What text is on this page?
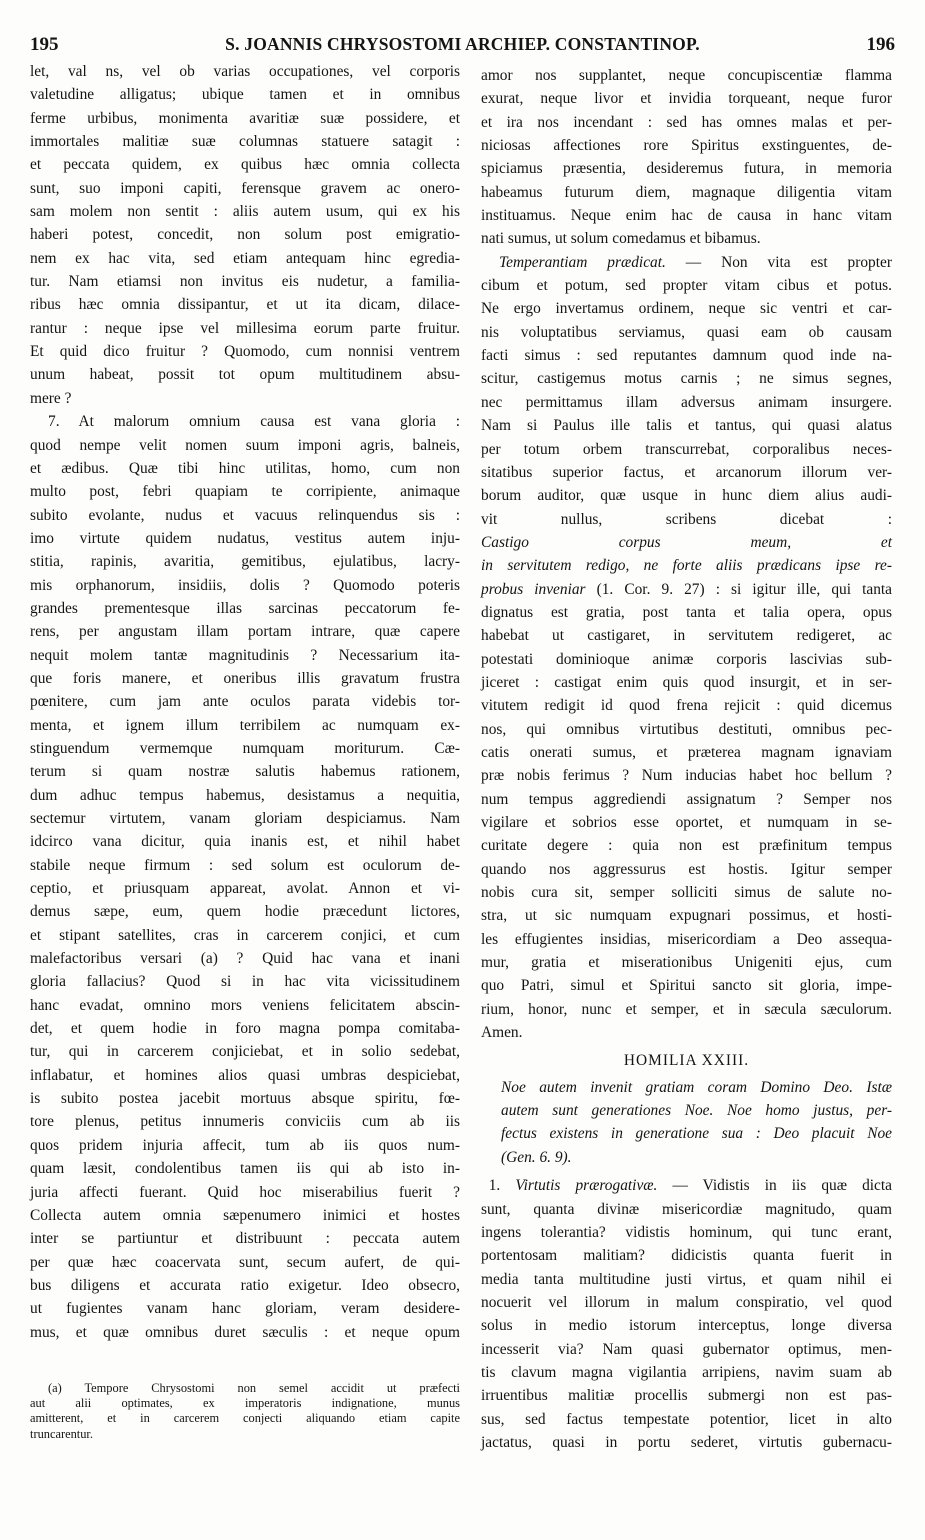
195	S. JOANNIS CHRYSOSTOMI ARCHIEP. CONSTANTINOP.	196

let, val ns, vel ob varias occupationes, vel corporis

valetudine alligatus; ubique tamen et in omnibus

ferme urbibus, monimenta avaritiæ suæ possidere, et

immortales malitiæ suæ columnas statuere satagit :

et peccata quidem, ex quibus hæc omnia collecta

sunt, suo imponi capiti, ferensque gravem ac onero-

sam molem non sentit : aliis autem usum, qui ex his

haberi potest, concedit, non solum post emigratio-

nem ex hac vita, sed etiam antequam hinc egredia-

tur. Nam etiamsi non invitus eis nudetur, a familia-

ribus hæc omnia dissipantur, et ut ita dicam, dilace-

rantur : neque ipse vel millesima eorum parte fruitur.

Et quid dico fruitur ? Quomodo, cum nonnisi ventrem

unum habeat, possit tot opum multitudinem absu-

mere ?

7. At malorum omnium causa est vana gloria :

quod nempe velit nomen suum imponi agris, balneis,

et ædibus. Quæ tibi hinc utilitas, homo, cum non

multo post, febri quapiam te corripiente, animaque

subito evolante, nudus et vacuus relinquendus sis :

imo virtute quidem nudatus, vestitus autem inju-

stitia, rapinis, avaritia, gemitibus, ejulatibus, lacry-

mis orphanorum, insidiis, dolis ? Quomodo poteris

grandes prementesque illas sarcinas peccatorum fe-

rens, per angustam illam portam intrare, quæ capere

nequit molem tantæ magnitudinis ? Necessarium ita-

que foris manere, et oneribus illis gravatum frustra

pœnitere, cum jam ante oculos parata videbis tor-

menta, et ignem illum terribilem ac numquam ex-

stinguendum vermemque numquam moriturum. Cæ-

terum si quam nostræ salutis habemus rationem,

dum adhuc tempus habemus, desistamus a nequitia,

sectemur virtutem, vanam gloriam despiciamus. Nam

idcirco vana dicitur, quia inanis est, et nihil habet

stabile neque firmum : sed solum est oculorum de-

ceptio, et priusquam appareat, avolat. Annon et vi-

demus sæpe, eum, quem hodie præcedunt lictores,

et stipant satellites, cras in carcerem conjici, et cum

malefactoribus versari (a) ? Quid hac vana et inani

gloria fallacius? Quod si in hac vita vicissitudinem

hanc evadat, omnino mors veniens felicitatem abscin-

det, et quem hodie in foro magna pompa comitaba-

tur, qui in carcerem conjiciebat, et in solio sedebat,

inflabatur, et homines alios quasi umbras despiciebat,

is subito postea jacebit mortuus absque spiritu, fœ-

tore plenus, petitus innumeris conviciis cum ab iis

quos pridem injuria affecit, tum ab iis quos num-

quam læsit, condolentibus tamen iis qui ab isto in-

juria affecti fuerant. Quid hoc miserabilius fuerit ?

Collecta autem omnia sæpenumero inimici et hostes

inter se partiuntur et distribuunt : peccata autem

per quæ hæc coacervata sunt, secum aufert, de qui-

bus diligens et accurata ratio exigetur. Ideo obsecro,

ut fugientes vanam hanc gloriam, veram desidere-

mus, et quæ omnibus duret sæculis : et neque opum

(a) Tempore Chrysostomi non semel accidit ut præfecti

aut alii optimates, ex imperatoris indignatione, munus

amitterent, et in carcerem conjecti aliquando etiam capite

truncarentur.

amor nos supplantet, neque concupiscentiæ flamma

exurat, neque livor et invidia torqueant, neque furor

et ira nos incendant : sed has omnes malas et per-

niciosas affectiones rore Spiritus exstinguentes, de-

spiciamus præsentia, desideremus futura, in memoria

habeamus futurum diem, magnaque diligentia vitam

instituamus. Neque enim hac de causa in hanc vitam

nati sumus, ut solum comedamus et bibamus.

Temperantiam prædicat. — Non vita est propter

cibum et potum, sed propter vitam cibus et potus.

Ne ergo invertamus ordinem, neque sic ventri et car-

nis voluptatibus serviamus, quasi eam ob causam

facti simus : sed reputantes damnum quod inde na-

scitur, castigemus motus carnis ; ne simus segnes,

nec permittamus illam adversus animam insurgere.

Nam si Paulus ille talis et tantus, qui quasi alatus

per totum orbem transcurrebat, corporalibus neces-

sitatibus superior factus, et arcanorum illorum ver-

borum auditor, quæ usque in hunc diem alius audi-

vit nullus, scribens dicebat :

Castigo corpus meum, et

in servitutem redigo, ne forte aliis prædicans ipse re-

probus inveniar (1. Cor. 9. 27) : si igitur ille, qui tanta

dignatus est gratia, post tanta et talia opera, opus

habebat ut castigaret, in servitutem redigeret, ac

potestati dominioque animæ corporis lascivias sub-

jiceret : castigat enim quis quod insurgit, et in ser-

vitutem redigit id quod frena rejicit : quid dicemus

nos, qui omnibus virtutibus destituti, omnibus pec-

catis onerati sumus, et præterea magnam ignaviam

præ nobis ferimus ? Num inducias habet hoc bellum ?

num tempus aggrediendi assignatum ? Semper nos

vigilare et sobrios esse oportet, et numquam in se-

curitate degere : quia non est præfinitum tempus

quando nos aggressurus est hostis. Igitur semper

nobis cura sit, semper solliciti simus de salute no-

stra, ut sic numquam expugnari possimus, et hosti-

les effugientes insidias, misericordiam a Deo assequa-

mur, gratia et miserationibus Unigeniti ejus, cum

quo Patri, simul et Spiritui sancto sit gloria, impe-

rium, honor, nunc et semper, et in sæcula sæculorum.

Amen.

HOMILIA XXIII.

Noe autem invenit gratiam coram Domino Deo. Istæ

autem sunt generationes Noe. Noe homo justus, per-

fectus existens in generatione sua : Deo placuit Noe

(Gen. 6. 9).

 1. Virtutis prærogativæ. — Vidistis in iis quæ dicta

sunt, quanta divinæ misericordiæ magnitudo, quam

ingens tolerantia? vidistis hominum, qui tunc erant,

portentosam malitiam? didicistis quanta fuerit in

media tanta multitudine justi virtus, et quam nihil ei

nocuerit vel illorum in malum conspiratio, vel quod

solus in medio istorum interceptus, longe diversa

incesserit via? Nam quasi gubernator optimus, men-

tis clavum magna vigilantia arripiens, navim suam ab

irruentibus malitiæ procellis submergi non est pas-

sus, sed factus tempestate potentior, licet in alto

jactatus, quasi in portu sederet, virtutis gubernacu-
